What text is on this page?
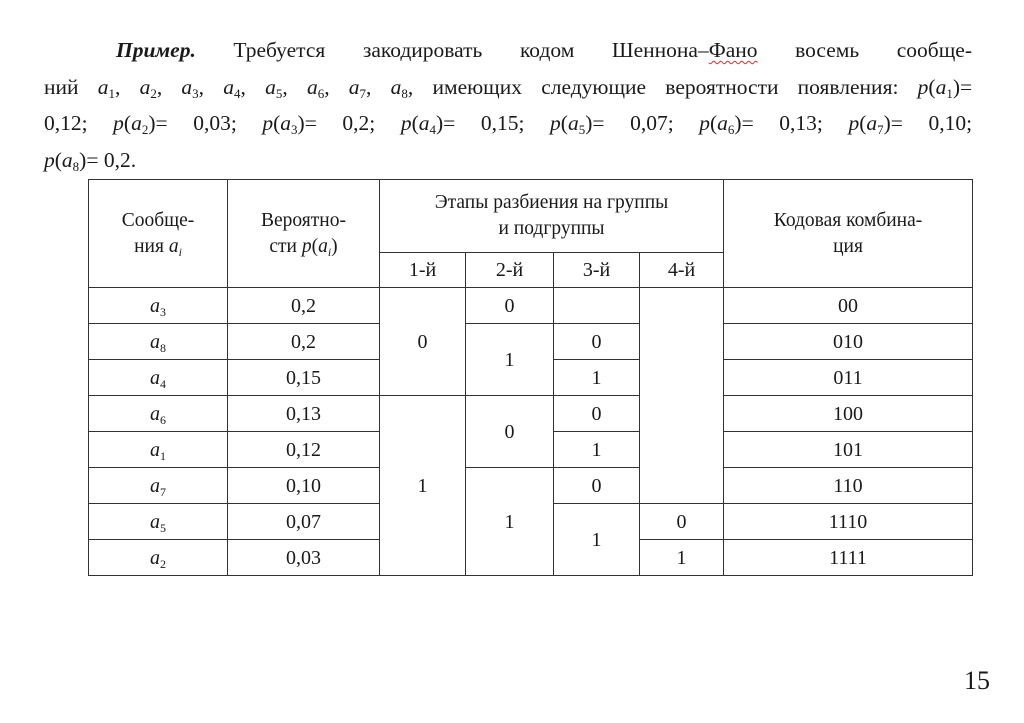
Пример. Требуется закодировать кодом Шеннона–Фано восемь сообще-
ний $a_1$, $a_2$, $a_3$, $a_4$, $a_5$, $a_6$, $a_7$, $a_8$, имеющих следующие вероятности появления: $p(a_1)=$
0,12; $p(a_2)= 0,03$; $p(a_3)= 0,2$; $p(a_4)= 0,15$; $p(a_5)= 0,07$; $p(a_6)= 0,13$; $p(a_7)= 0,10$;
$p(a_8)= 0,2$.
Сообще-
ния $a_i$	Вероятно-
сти $p(a_i)$	Этапы разбиения на группы
и подгруппы				Кодовая комбина-
ция
		1-й	2-й	3-й	4-й	
$a_3$	0,2	0	0			00
$a_8$	0,2		1	0		010
$a_4$	0,15			1		011
$a_6$	0,13	1	0	0		100
$a_1$	0,12			1		101
$a_7$	0,10		1	0		110
$a_5$	0,07			1	0	1110
$a_2$	0,03				1	1111
15
